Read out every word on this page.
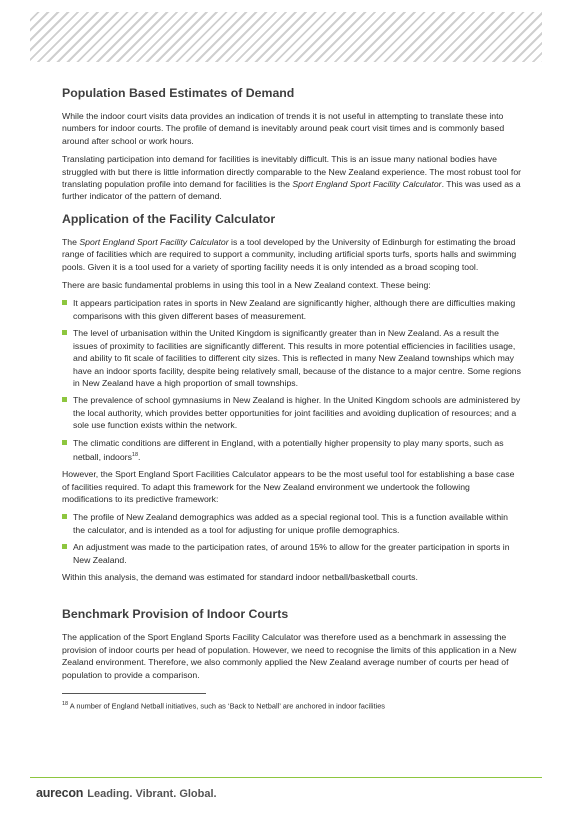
Population Based Estimates of Demand

While the indoor court visits data provides an indication of trends it is not useful in attempting to translate these into numbers for indoor courts. The profile of demand is inevitably around peak court visit times and is commonly based around after school or work hours.

Translating participation into demand for facilities is inevitably difficult. This is an issue many national bodies have struggled with but there is little information directly comparable to the New Zealand experience. The most robust tool for translating population profile into demand for facilities is the Sport England Sport Facility Calculator. This was used as a further indicator of the pattern of demand.

Application of the Facility Calculator

The Sport England Sport Facility Calculator is a tool developed by the University of Edinburgh for estimating the broad range of facilities which are required to support a community, including artificial sports turfs, sports halls and swimming pools. Given it is a tool used for a variety of sporting facility needs it is only intended as a broad scoping tool.

There are basic fundamental problems in using this tool in a New Zealand context. These being:

It appears participation rates in sports in New Zealand are significantly higher, although there are difficulties making comparisons with this given different bases of measurement.
The level of urbanisation within the United Kingdom is significantly greater than in New Zealand. As a result the issues of proximity to facilities are significantly different. This results in more potential efficiencies in facilities usage, and ability to fit scale of facilities to different city sizes. This is reflected in many New Zealand townships which may have an indoor sports facility, despite being relatively small, because of the distance to a major centre. Some regions in New Zealand have a high proportion of small townships.
The prevalence of school gymnasiums in New Zealand is higher. In the United Kingdom schools are administered by the local authority, which provides better opportunities for joint facilities and avoiding duplication of resources; and a sole use function exists within the network.
The climatic conditions are different in England, with a potentially higher propensity to play many sports, such as netball, indoors$^{18}$.

However, the Sport England Sport Facilities Calculator appears to be the most useful tool for establishing a base case of facilities required. To adapt this framework for the New Zealand environment we undertook the following modifications to its predictive framework:

The profile of New Zealand demographics was added as a special regional tool. This is a function available within the calculator, and is intended as a tool for adjusting for unique profile demographics.
An adjustment was made to the participation rates, of around 15% to allow for the greater participation in sports in New Zealand.

Within this analysis, the demand was estimated for standard indoor netball/basketball courts.

Benchmark Provision of Indoor Courts

The application of the Sport England Sports Facility Calculator was therefore used as a benchmark in assessing the provision of indoor courts per head of population. However, we need to recognise the limits of this application in a New Zealand environment. Therefore, we also commonly applied the New Zealand average number of courts per head of population to provide a comparison.

$^{18}$ A number of England Netball initiatives, such as ‘Back to Netball’ are anchored in indoor facilities
aurecon Leading. Vibrant. Global.
